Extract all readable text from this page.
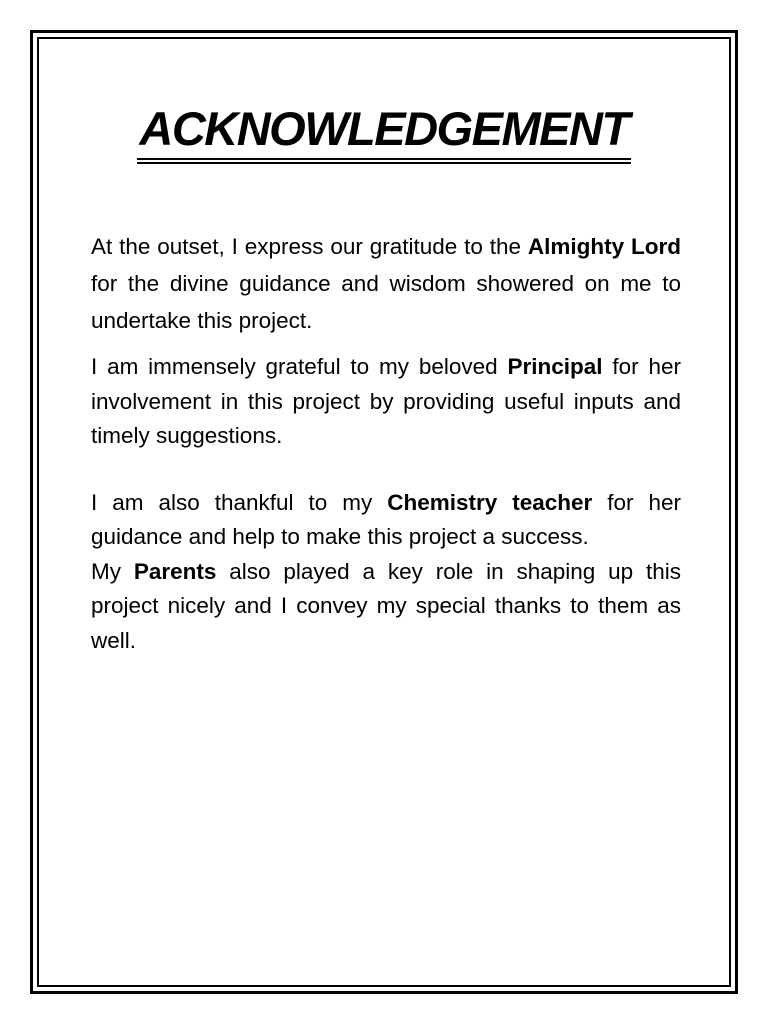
ACKNOWLEDGEMENT

At the outset, I express our gratitude to the Almighty Lord for the divine guidance and wisdom showered on me to undertake this project.

I am immensely grateful to my beloved Principal for her involvement in this project by providing useful inputs and timely suggestions.

I am also thankful to my Chemistry teacher for her guidance and help to make this project a success.

My Parents also played a key role in shaping up this project nicely and I convey my special thanks to them as well.
